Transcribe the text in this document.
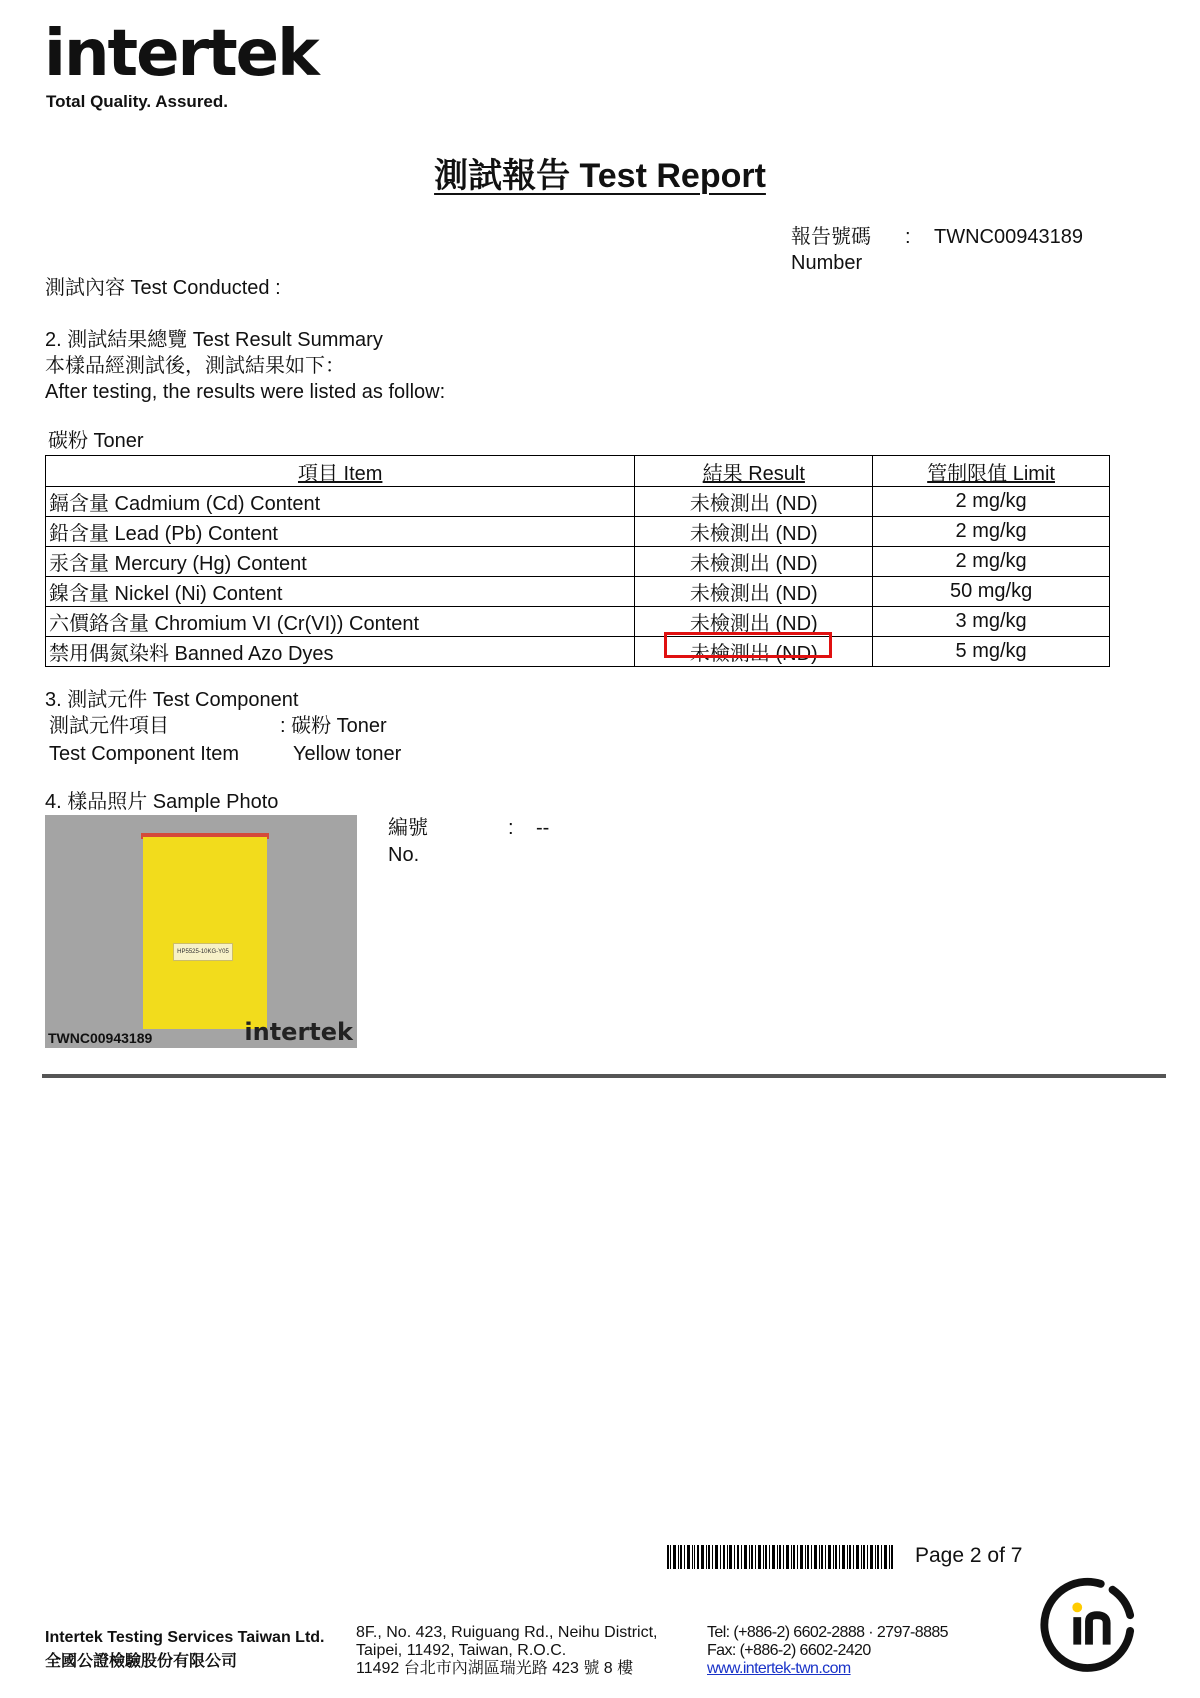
intertek
Total Quality. Assured.
測試報告 Test Report
報告號碼
Number
: TWNC00943189
測試內容 Test Conducted :
2. 測試結果總覽 Test Result Summary
本樣品經測試後，測試結果如下：
After testing, the results were listed as follow:
碳粉 Toner
項目 Item	結果 Result	管制限值 Limit
鎘含量 Cadmium (Cd) Content	未檢測出 (ND)	2 mg/kg
鉛含量 Lead (Pb) Content	未檢測出 (ND)	2 mg/kg
汞含量 Mercury (Hg) Content	未檢測出 (ND)	2 mg/kg
鎳含量 Nickel (Ni) Content	未檢測出 (ND)	50 mg/kg
六價鉻含量 Chromium VI (Cr(VI)) Content	未檢測出 (ND)	3 mg/kg
禁用偶氮染料 Banned Azo Dyes	未檢測出 (ND)	5 mg/kg
3. 測試元件 Test Component
測試元件項目
Test Component Item
: 碳粉 Toner
Yellow toner
4. 樣品照片 Sample Photo
HP5525-10KG-Y05
TWNC00943189	intertek
編號
No.
: --
Page 2 of 7
Intertek Testing Services Taiwan Ltd.
全國公證檢驗股份有限公司
8F., No. 423, Ruiguang Rd., Neihu District,
Taipei, 11492, Taiwan, R.O.C.
11492 台北市內湖區瑞光路 423 號 8 樓
Tel: (+886-2) 6602-2888 · 2797-8885
Fax: (+886-2) 6602-2420
www.intertek-twn.com
